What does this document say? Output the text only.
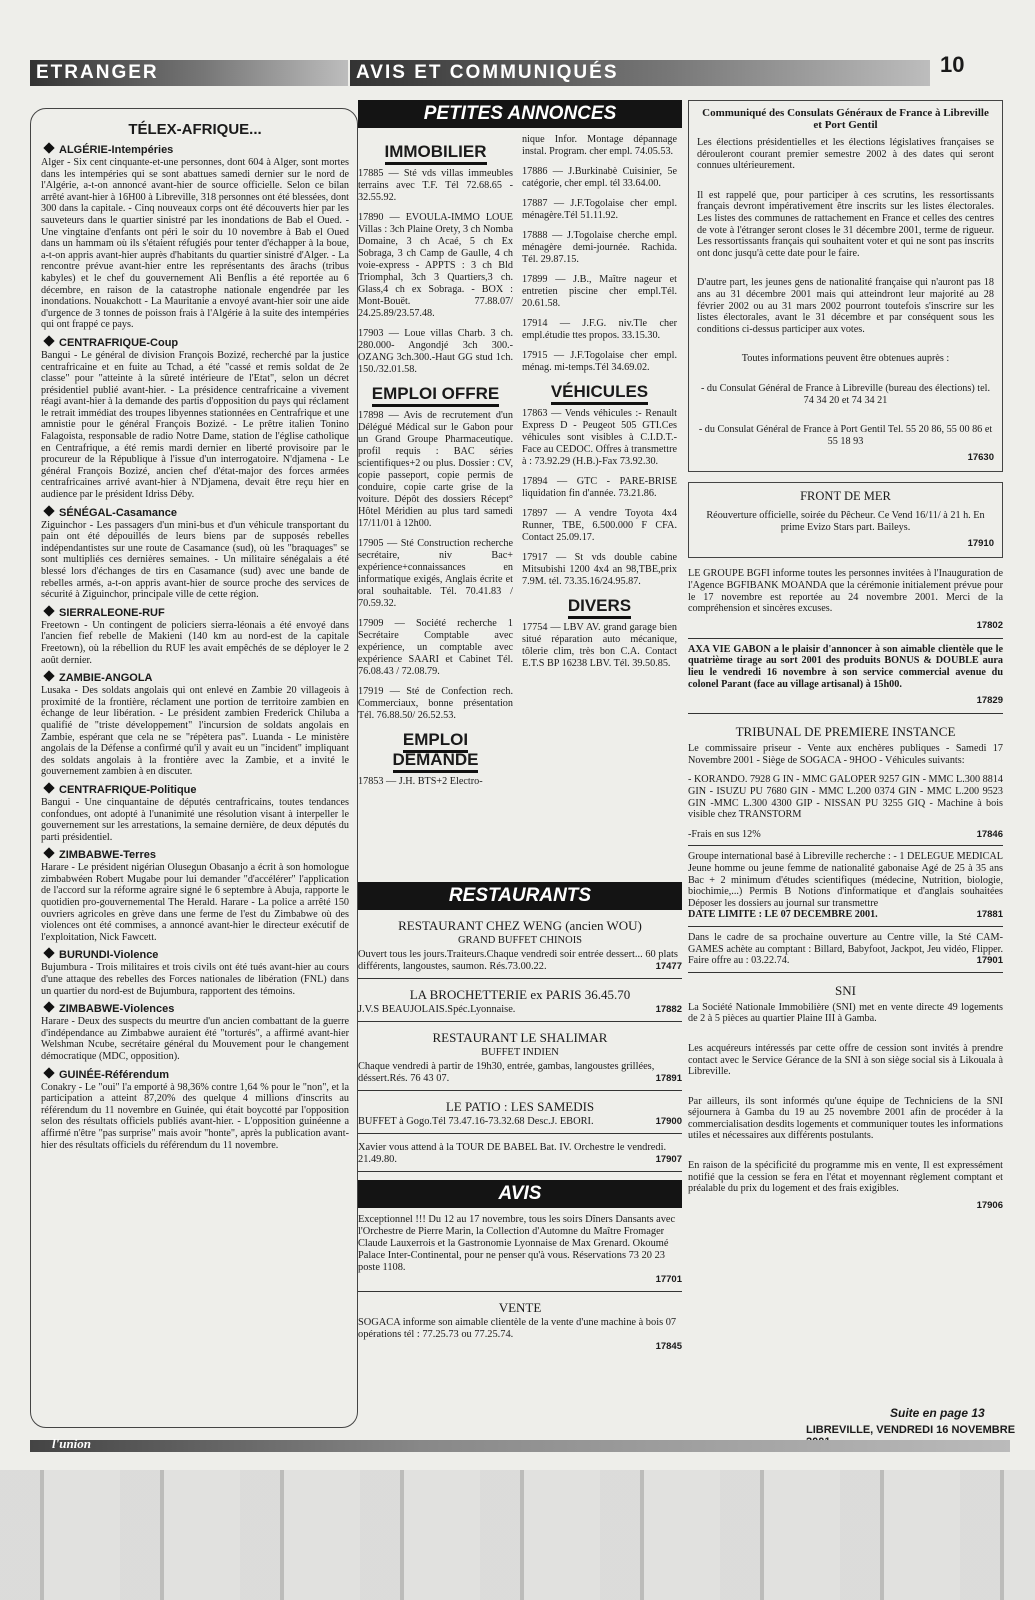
ETRANGER	AVIS ET COMMUNIQUÉS	10
TÉLEX-AFRIQUE...
ALGÉRIE-Intempéries

Alger - Six cent cinquante-et-une personnes, dont 604 à Alger, sont mortes dans les intempéries qui se sont abattues samedi dernier sur le nord de l'Algérie, a-t-on annoncé avant-hier de source officielle. Selon ce bilan arrêté avant-hier à 16H00 à Libreville, 318 personnes ont été blessées, dont 300 dans la capitale. - Cinq nouveaux corps ont été découverts hier par les sauveteurs dans le quartier sinistré par les inondations de Bab el Oued. - Une vingtaine d'enfants ont péri le soir du 10 novembre à Bab el Oued dans un hammam où ils s'étaient réfugiés pour tenter d'échapper à la boue, a-t-on appris avant-hier auprès d'habitants du quartier sinistré d'Alger. - La rencontre prévue avant-hier entre les représentants des ârachs (tribus kabyles) et le chef du gouvernement Ali Benflis a été reportée au 6 décembre, en raison de la catastrophe nationale engendrée par les inondations. Nouakchott - La Mauritanie a envoyé avant-hier soir une aide d'urgence de 3 tonnes de poisson frais à l'Algérie à la suite des intempéries qui ont frappé ce pays.

CENTRAFRIQUE-Coup

Bangui - Le général de division François Bozizé, recherché par la justice centrafricaine et en fuite au Tchad, a été "cassé et remis soldat de 2e classe" pour "atteinte à la sûreté intérieure de l'Etat", selon un décret présidentiel publié avant-hier. - La présidence centrafricaine a vivement réagi avant-hier à la demande des partis d'opposition du pays qui réclament le retrait immédiat des troupes libyennes stationnées en Centrafrique et une amnistie pour le général François Bozizé. - Le prêtre italien Tonino Falagoista, responsable de radio Notre Dame, station de l'église catholique en Centrafrique, a été remis mardi dernier en liberté provisoire par le procureur de la République à l'issue d'un interrogatoire. N'djamena - Le général François Bozizé, ancien chef d'état-major des forces armées centrafricaines arrivé avant-hier à N'Djamena, devait être reçu hier en audience par le président Idriss Déby.

SÉNÉGAL-Casamance

Ziguinchor - Les passagers d'un mini-bus et d'un véhicule transportant du pain ont été dépouillés de leurs biens par de supposés rebelles indépendantistes sur une route de Casamance (sud), où les "braquages" se sont multipliés ces dernières semaines. - Un militaire sénégalais a été blessé lors d'échanges de tirs en Casamance (sud) avec une bande de rebelles armés, a-t-on appris avant-hier de source proche des services de sécurité à Ziguinchor, principale ville de cette région.

SIERRALEONE-RUF

Freetown - Un contingent de policiers sierra-léonais a été envoyé dans l'ancien fief rebelle de Makieni (140 km au nord-est de la capitale Freetown), où la rébellion du RUF les avait empêchés de se déployer le 2 août dernier.

ZAMBIE-ANGOLA

Lusaka - Des soldats angolais qui ont enlevé en Zambie 20 villageois à proximité de la frontière, réclament une portion de territoire zambien en échange de leur libération. - Le président zambien Frederick Chiluba a qualifié de "triste développement" l'incursion de soldats angolais en Zambie, espérant que cela ne se "répètera pas". Luanda - Le ministère angolais de la Défense a confirmé qu'il y avait eu un "incident" impliquant des soldats angolais à la frontière avec la Zambie, et a invité le gouvernement zambien à en discuter.

CENTRAFRIQUE-Politique

Bangui - Une cinquantaine de députés centrafricains, toutes tendances confondues, ont adopté à l'unanimité une résolution visant à interpeller le gouvernement sur les arrestations, la semaine dernière, de deux députés du parti présidentiel.

ZIMBABWE-Terres

Harare - Le président nigérian Olusegun Obasanjo a écrit à son homologue zimbabwéen Robert Mugabe pour lui demander "d'accélérer" l'application de l'accord sur la réforme agraire signé le 6 septembre à Abuja, rapporte le quotidien pro-gouvernemental The Herald. Harare - La police a arrêté 150 ouvriers agricoles en grève dans une ferme de l'est du Zimbabwe où des violences ont été commises, a annoncé avant-hier le directeur exécutif de l'exploitation, Nick Fawcett.

BURUNDI-Violence

Bujumbura - Trois militaires et trois civils ont été tués avant-hier au cours d'une attaque des rebelles des Forces nationales de libération (FNL) dans un quartier du nord-est de Bujumbura, rapportent des témoins.

ZIMBABWE-Violences

Harare - Deux des suspects du meurtre d'un ancien combattant de la guerre d'indépendance au Zimbabwe auraient été "torturés", a affirmé avant-hier Welshman Ncube, secrétaire général du Mouvement pour le changement démocratique (MDC, opposition).

GUINÉE-Référendum

Conakry - Le "oui" l'a emporté à 98,36% contre 1,64 % pour le "non", et la participation a atteint 87,20% des quelque 4 millions d'inscrits au référendum du 11 novembre en Guinée, qui était boycotté par l'opposition selon des résultats officiels publiés avant-hier. - L'opposition guinéenne a affirmé n'être "pas surprise" mais avoir "honte", après la publication avant-hier des résultats officiels du référendum du 11 novembre.

PETITES ANNONCES
IMMOBILIER

17885 — Sté vds villas immeubles terrains avec T.F. Tél 72.68.65 - 32.55.92.

17890 — EVOULA-IMMO LOUE Villas : 3ch Plaine Orety, 3 ch Nomba Domaine, 3 ch Acaé, 5 ch Ex Sobraga, 3 ch Camp de Gaulle, 4 ch voie-express - APPTS : 3 ch Bld Triomphal, 3ch 3 Quartiers,3 ch. Glass,4 ch ex Sobraga. - BOX : Mont-Bouët. 77.88.07/ 24.25.89/23.57.48.

17903 — Loue villas Charb. 3 ch. 280.000- Angondjé 3ch 300.-OZANG 3ch.300.-Haut GG stud 1ch. 150./32.01.58.

EMPLOI OFFRE

17898 — Avis de recrutement d'un Délégué Médical sur le Gabon pour un Grand Groupe Pharmaceutique. profil requis : BAC séries scientifiques+2 ou plus. Dossier : CV, copie passeport, copie permis de conduire, copie carte grise de la voiture. Dépôt des dossiers Récept° Hôtel Méridien au plus tard samedi 17/11/01 à 12h00.

17905 — Sté Construction recherche secrétaire, niv Bac+ expérience+connaissances en informatique exigés, Anglais écrite et oral souhaitable. Tél. 70.41.83 / 70.59.32.

17909 — Société recherche 1 Secrétaire Comptable avec expérience, un comptable avec expérience SAARI et Cabinet Tél. 76.08.43 / 72.08.79.

17919 — Sté de Confection rech. Commerciaux, bonne présentation Tél. 76.88.50/ 26.52.53.

EMPLOI DEMANDE

17853 — J.H. BTS+2 Electro-

nique Infor. Montage dépannage instal. Program. cher empl. 74.05.53.

17886 — J.Burkinabè Cuisinier, 5e catégorie, cher empl. tél 33.64.00.

17887 — J.F.Togolaise cher empl. ménagère.Tél 51.11.92.

17888 — J.Togolaise cherche empl. ménagère demi-journée. Rachida. Tél. 29.87.15.

17899 — J.B., Maître nageur et entretien piscine cher empl.Tél. 20.61.58.

17914 — J.F.G. niv.Tle cher empl.étudie ttes propos. 33.15.30.

17915 — J.F.Togolaise cher empl. ménag. mi-temps.Tél 34.69.02.

VÉHICULES

17863 — Vends véhicules :- Renault Express D - Peugeot 505 GTI.Ces véhicules sont visibles à C.I.D.T.- Face au CEDOC. Offres à transmettre à : 73.92.29 (H.B.)-Fax 73.92.30.

17894 — GTC - PARE-BRISE liquidation fin d'année. 73.21.86.

17897 — A vendre Toyota 4x4 Runner, TBE, 6.500.000 F CFA. Contact 25.09.17.

17917 — St vds double cabine Mitsubishi 1200 4x4 an 98,TBE,prix 7.9M. tél. 73.35.16/24.95.87.

DIVERS

17754 — LBV AV. grand garage bien situé réparation auto mécanique, tôlerie clim, très bon C.A. Contact E.T.S BP 16238 LBV. Tél. 39.50.85.

RESTAURANTS
RESTAURANT CHEZ WENG (ancien WOU)
GRAND BUFFET CHINOIS
Ouvert tous les jours.Traiteurs.Chaque vendredi soir entrée dessert... 60 plats différents, langoustes, saumon. Rés.73.00.22.	17477
LA BROCHETTERIE ex PARIS 36.45.70
J.V.S BEAUJOLAIS.Spéc.Lyonnaise.	17882
RESTAURANT LE SHALIMAR
BUFFET INDIEN
Chaque vendredi à partir de 19h30, entrée, gambas, langoustes grillées, déssert.Rés. 76 43 07.	17891
LE PATIO : LES SAMEDIS
BUFFET à Gogo.Tél 73.47.16-73.32.68 Desc.J. EBORI.	17900
Xavier vous attend à la TOUR DE BABEL Bat. IV. Orchestre le vendredi. 21.49.80.	17907
AVIS
Exceptionnel !!! Du 12 au 17 novembre, tous les soirs Dîners Dansants avec l'Orchestre de Pierre Marin, la Collection d'Automne du Maître Fromager Claude Lauxerrois et la Gastronomie Lyonnaise de Max Grenard. Okoumé Palace Inter-Continental, pour ne penser qu'à vous. Réservations 73 20 23 poste 1108.
17701
VENTE
SOGACA informe son aimable clientèle de la vente d'une machine à bois 07 opérations tél : 77.25.73 ou 77.25.74.
17845
Communiqué des Consulats Généraux de France à Libreville et Port Gentil

Les élections présidentielles et les élections législatives françaises se dérouleront courant premier semestre 2002 à des dates qui seront connues ultérieurement.

Il est rappelé que, pour participer à ces scrutins, les ressortissants français devront impérativement être inscrits sur les listes électorales. Les listes des communes de rattachement en France et celles des centres de vote à l'étranger seront closes le 31 décembre 2001, terme de rigueur. Les ressortissants français qui souhaitent voter et qui ne sont pas inscrits ont donc jusqu'à cette date pour le faire.

D'autre part, les jeunes gens de nationalité française qui n'auront pas 18 ans au 31 décembre 2001 mais qui atteindront leur majorité au 28 février 2002 ou au 31 mars 2002 pourront toutefois s'inscrire sur les listes électorales, avant le 31 décembre et par conséquent sous les conditions ci-dessus participer aux votes.

Toutes informations peuvent être obtenues auprès :

- du Consulat Général de France à Libreville (bureau des élections) tel. 74 34 20 et 74 34 21

- du Consulat Général de France à Port Gentil Tel. 55 20 86, 55 00 86 et 55 18 93

17630
FRONT DE MER

Réouverture officielle, soirée du Pêcheur. Ce Vend 16/11/ à 21 h. En prime Evizo Stars part. Baileys.

17910

LE GROUPE BGFI informe toutes les personnes invitées à l'Inauguration de l'Agence BGFIBANK MOANDA que la cérémonie initialement prévue pour le 17 novembre est reportée au 24 novembre 2001. Merci de la compréhension et sincères excuses.

17802

AXA VIE GABON a le plaisir d'annoncer à son aimable clientèle que le quatrième tirage au sort 2001 des produits BONUS & DOUBLE aura lieu le vendredi 16 novembre à son service commercial avenue du colonel Parant (face au village artisanal) à 15h00.

17829
TRIBUNAL DE PREMIERE INSTANCE

Le commissaire priseur - Vente aux enchères publiques - Samedi 17 Novembre 2001 - Siège de SOGACA - 9HOO - Véhicules suivants:

- KORANDO. 7928 G IN - MMC GALOPER 9257 GIN - MMC L.300 8814 GIN - ISUZU PU 7680 GIN - MMC L.200 0374 GIN - MMC L.200 9523 GIN -MMC L.300 4300 GIP - NISSAN PU 3255 GIQ - Machine à bois visible chez TRANSTORM

-Frais en sus 12%	17846

Groupe international basé à Libreville recherche : - 1 DELEGUE MEDICAL Jeune homme ou jeune femme de nationalité gabonaise Agé de 25 à 35 ans Bac + 2 minimum d'études scientifiques (médecine, Nutrition, biologie, biochimie,...) Permis B Notions d'informatique et d'anglais souhaitées Déposer les dossiers au journal sur transmettre

DATE LIMITE : LE 07 DECEMBRE 2001.	17881

Dans le cadre de sa prochaine ouverture au Centre ville, la Sté CAM-GAMES achète au comptant : Billard, Babyfoot, Jackpot, Jeu vidéo, Flipper. Faire offre au : 03.22.74.	17901

SNI

La Société Nationale Immobilière (SNI) met en vente directe 49 logements de 2 à 5 pièces au quartier Plaine III à Gamba.

Les acquéreurs intéressés par cette offre de cession sont invités à prendre contact avec le Service Gérance de la SNI à son siège social sis à Likouala à Libreville.

Par ailleurs, ils sont informés qu'une équipe de Techniciens de la SNI séjournera à Gamba du 19 au 25 novembre 2001 afin de procéder à la commercialisation desdits logements et communiquer toutes les informations utiles et nécessaires aux différents postulants.

En raison de la spécificité du programme mis en vente, Il est expressément notifié que la cession se fera en l'état et moyennant règlement comptant et préalable du prix du logement et des frais exigibles.

17906
Suite en page 13
LIBREVILLE, VENDREDI 16 NOVEMBRE
l'union
